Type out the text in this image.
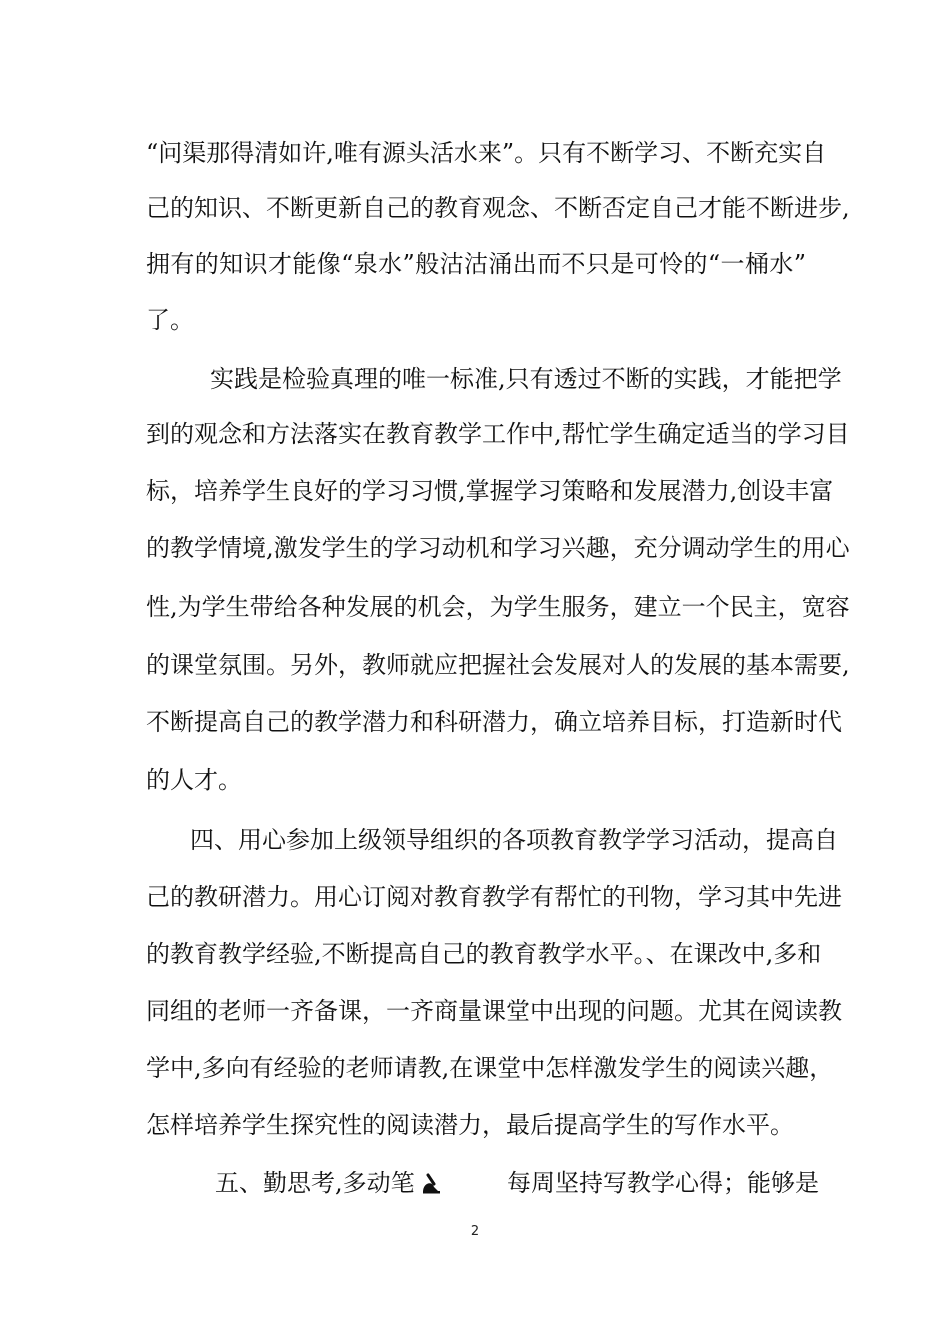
“问渠那得清如许,唯有源头活水来”。只有不断学习、不断充实自
己的知识、不断更新自己的教育观念、不断否定自己才能不断进步,
拥有的知识才能像“泉水”般沽沽涌出而不只是可怜的“一桶水”
了。
实践是检验真理的唯一标准,只有透过不断的实践，才能把学
到的观念和方法落实在教育教学工作中,帮忙学生确定适当的学习目
标，培养学生良好的学习习惯,掌握学习策略和发展潜力,创设丰富
的教学情境,激发学生的学习动机和学习兴趣，充分调动学生的用心
性,为学生带给各种发展的机会，为学生服务，建立一个民主，宽容
的课堂氛围。另外，教师就应把握社会发展对人的发展的基本需要,
不断提高自己的教学潜力和科研潜力，确立培养目标，打造新时代
的人才。
四、用心参加上级领导组织的各项教育教学学习活动，提高自
己的教研潜力。用心订阅对教育教学有帮忙的刊物，学习其中先进
的教育教学经验,不断提高自己的教育教学水平。、在课改中,多和
同组的老师一齐备课，一齐商量课堂中出现的问题。尤其在阅读教
学中,多向有经验的老师请教,在课堂中怎样激发学生的阅读兴趣，
怎样培养学生探究性的阅读潜力，最后提高学生的写作水平。
五、勤思考,多动笔	每周坚持写教学心得；能够是
2
